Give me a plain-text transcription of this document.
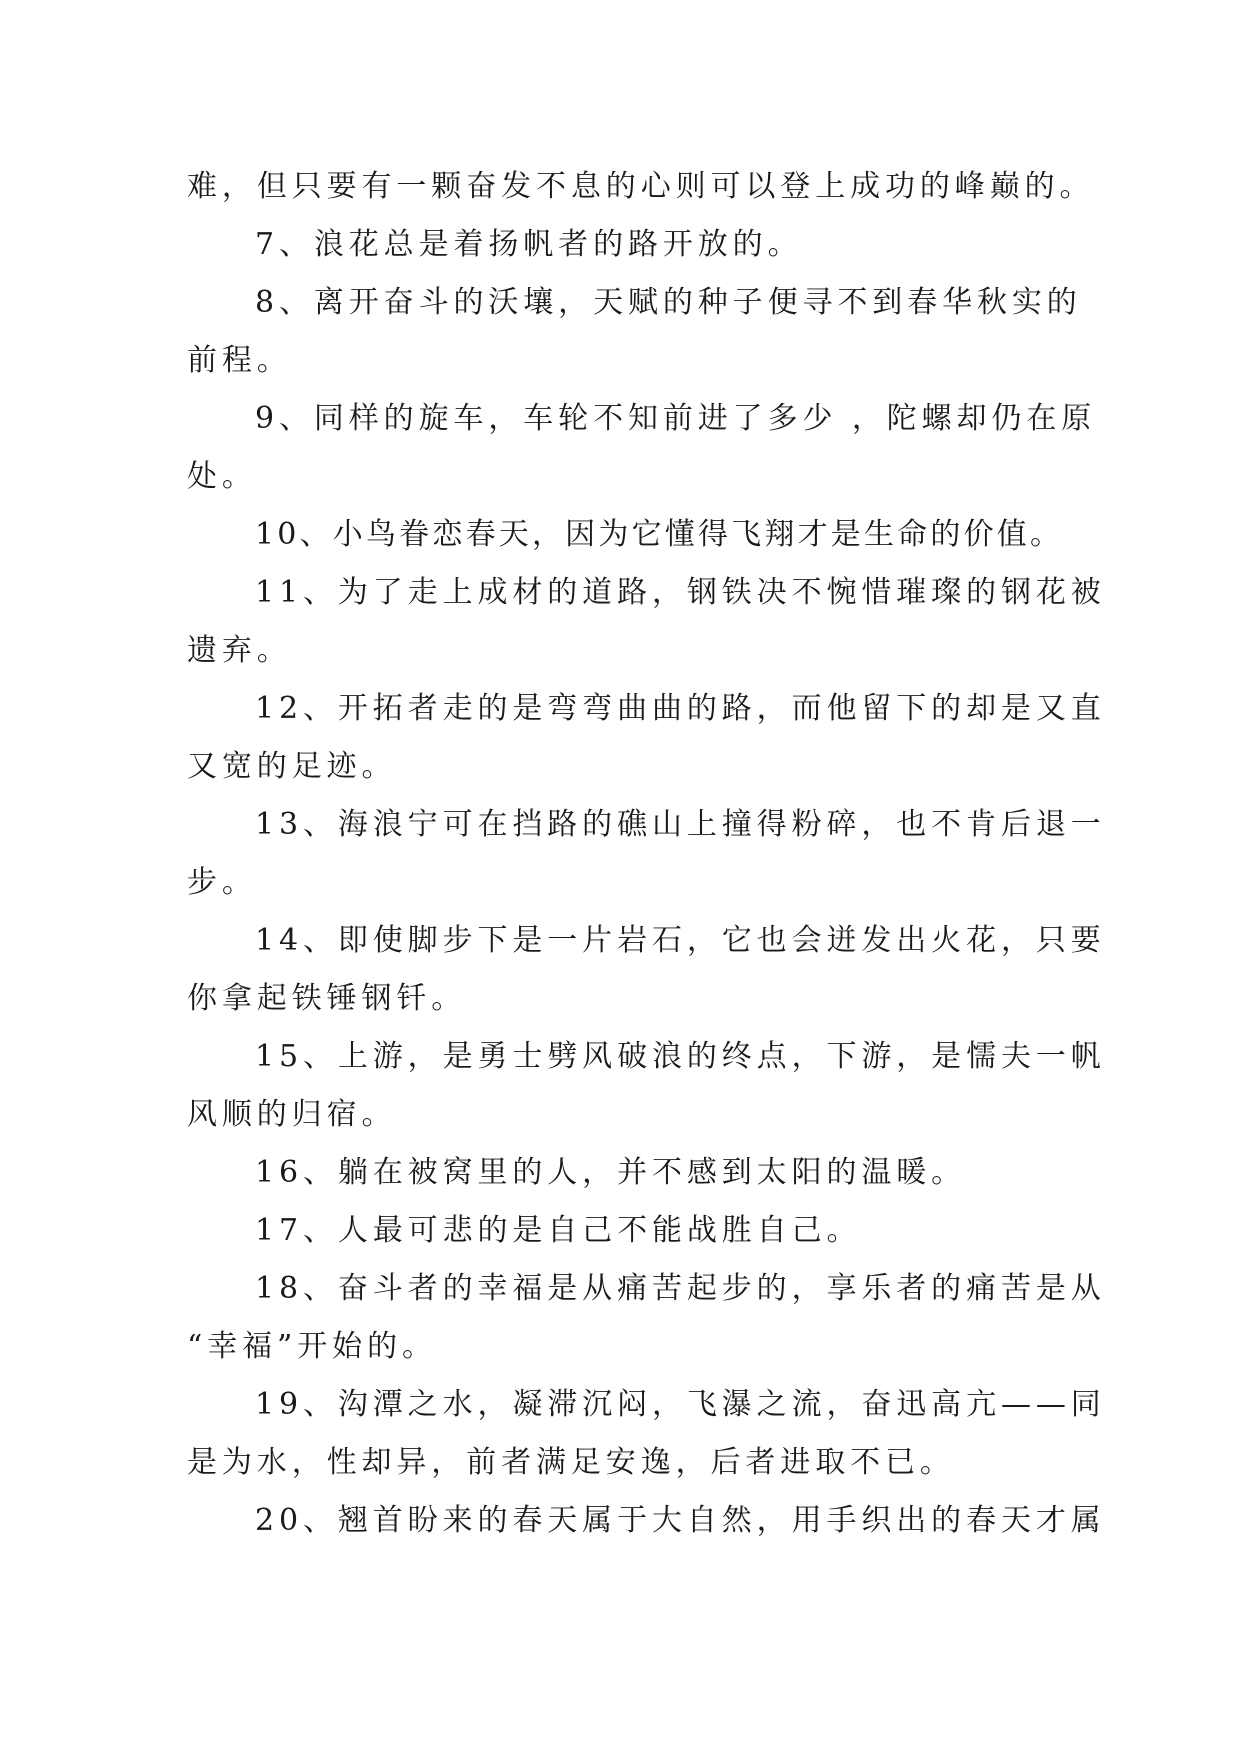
难，但只要有一颗奋发不息的心则可以登上成功的峰巅的。
7、浪花总是着扬帆者的路开放的。
8、离开奋斗的沃壤，天赋的种子便寻不到春华秋实的
前程。
9、同样的旋车，车轮不知前进了多少 ，陀螺却仍在原
处。
10、小鸟眷恋春天，因为它懂得飞翔才是生命的价值。
11、为了走上成材的道路，钢铁决不惋惜璀璨的钢花被
遗弃。
12、开拓者走的是弯弯曲曲的路，而他留下的却是又直
又宽的足迹。
13、海浪宁可在挡路的礁山上撞得粉碎，也不肯后退一
步。
14、即使脚步下是一片岩石，它也会迸发出火花，只要
你拿起铁锤钢钎。
15、上游，是勇士劈风破浪的终点，下游，是懦夫一帆
风顺的归宿。
16、躺在被窝里的人，并不感到太阳的温暖。
17、人最可悲的是自己不能战胜自己。
18、奋斗者的幸福是从痛苦起步的，享乐者的痛苦是从
“幸福”开始的。
19、沟潭之水，凝滞沉闷，飞瀑之流，奋迅高亢——同
是为水，性却异，前者满足安逸，后者进取不已。
20、翘首盼来的春天属于大自然，用手织出的春天才属
